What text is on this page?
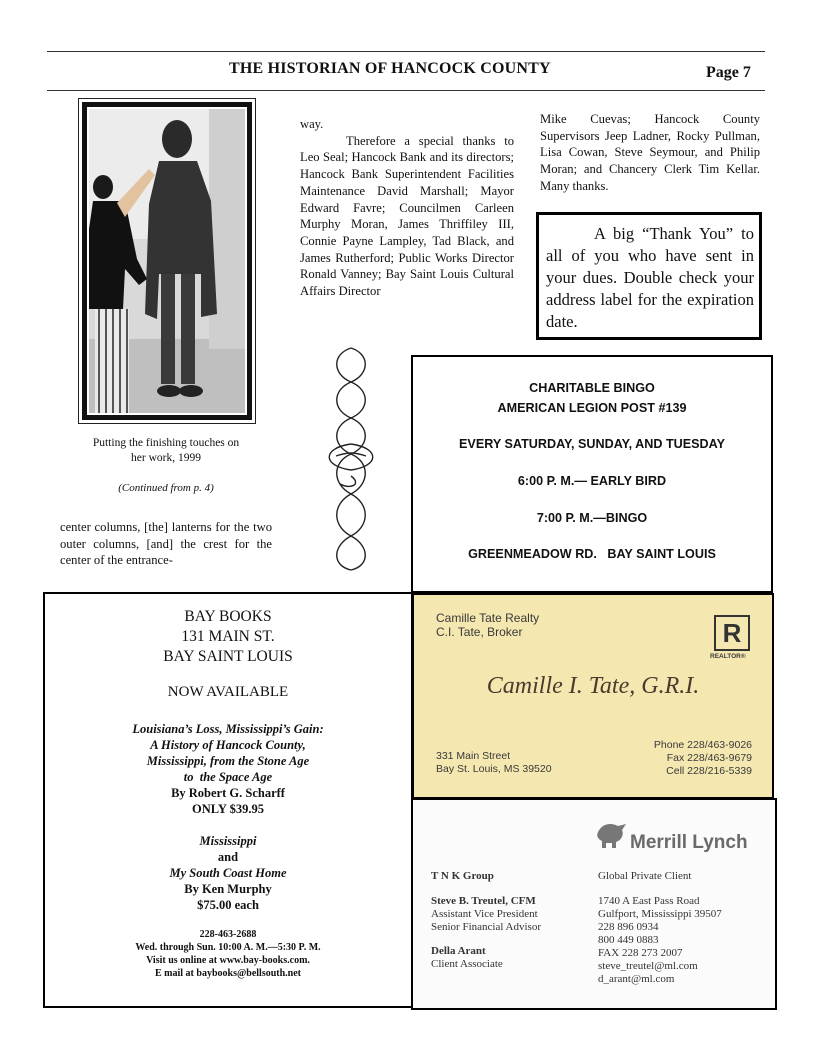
THE HISTORIAN OF HANCOCK COUNTY	Page 7
Putting the finishing touches on
her work, 1999
(Continued from p. 4)
center columns, [the] lanterns for the two outer columns, [and] the crest for the center of the entrance-
way.
Therefore a special thanks to Leo Seal; Hancock Bank and its directors; Hancock Bank Superintendent Facilities Maintenance David Marshall; Mayor Edward Favre; Councilmen Carleen Murphy Moran, James Thriffiley III, Connie Payne Lampley, Tad Black, and James Rutherford; Public Works Director Ronald Vanney; Bay Saint Louis Cultural Affairs Director
Mike Cuevas; Hancock County Supervisors Jeep Ladner, Rocky Pullman, Lisa Cowan, Steve Seymour, and Philip Moran; and Chancery Clerk Tim Kellar. Many thanks.
A big “Thank You” to all of you who have sent in your dues. Double check your address label for the expiration date.
CHARITABLE BINGO
AMERICAN LEGION POST #139
EVERY SATURDAY, SUNDAY, AND TUESDAY
6:00 P. M.— EARLY BIRD
7:00 P. M.—BINGO
GREENMEADOW RD.   BAY SAINT LOUIS
BAY BOOKS
131 MAIN ST.
BAY SAINT LOUIS
NOW AVAILABLE
Louisiana’s Loss, Mississippi’s Gain:
A History of Hancock County,
Mississippi, from the Stone Age
to  the Space Age
By Robert G. Scharff
ONLY $39.95
Mississippi
and
My South Coast Home
By Ken Murphy
$75.00 each
228-463-2688
Wed. through Sun. 10:00 A. M.—5:30 P. M.
Visit us online at www.bay-books.com.
E mail at baybooks@bellsouth.net
Camille Tate Realty
C.I. Tate, Broker	R
REALTOR®
Camille I. Tate, G.R.I.
331 Main Street
Bay St. Louis, MS 39520
Phone 228/463-9026
Fax 228/463-9679
Cell 228/216-5339
Merrill Lynch
T N K Group	Global Private Client
Steve B. Treutel, CFM
Assistant Vice President
Senior Financial Advisor
Della Arant
Client Associate
1740 A East Pass Road
Gulfport, Mississippi 39507
228 896 0934
800 449 0883
FAX 228 273 2007
steve_treutel@ml.com
d_arant@ml.com
